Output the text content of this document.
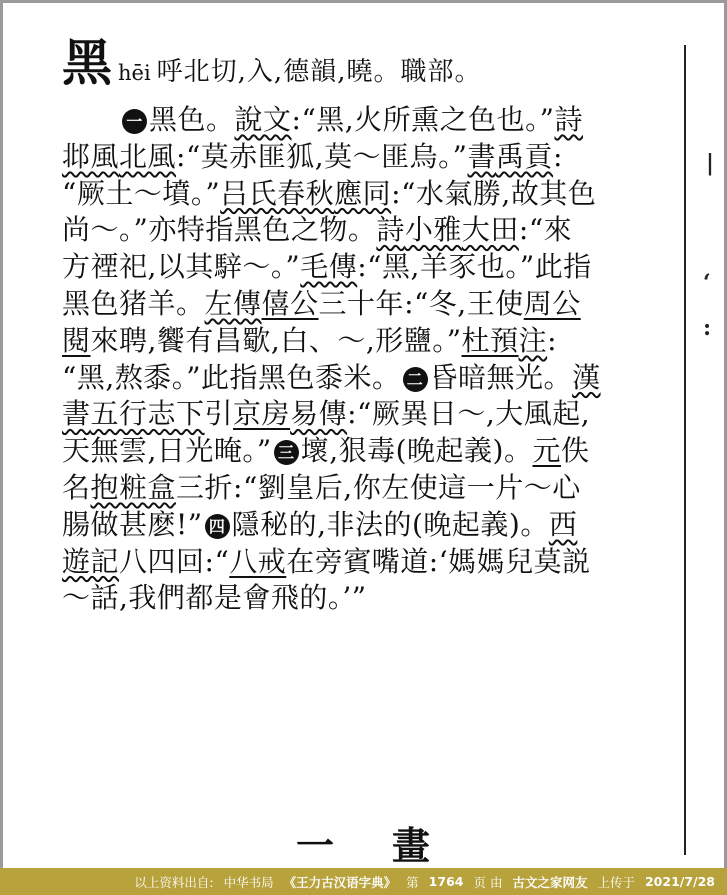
|
‘
:
黑 hēi 呼北切,入,德韻,曉。職部。
一 黑色。說文:“黑,火所熏之色也。”詩
邶風北風:“莫赤匪狐,莫～匪烏。”書禹貢:
“厥土～墳。”吕氏春秋應同:“水氣勝,故其色
尚～。”亦特指黑色之物。詩小雅大田:“來
方禋祀,以其騂～。”毛傳:“黑,羊豕也。”此指
黑色猪羊。左傳僖公三十年:“冬,王使周公
閱來聘,饗有昌歜,白、～,形鹽。”杜預注:
“黑,熬黍。”此指黑色黍米。 二 昏暗無光。漢
書五行志下引京房易傳:“厥異日～,大風起,
天無雲,日光晻。” 三 壞,狠毒(晚起義)。元佚
名抱粧盒三折:“劉皇后,你左使這一片～心
腸做甚麽!” 四 隱秘的,非法的(晚起義)。西
遊記八四回:“八戒在旁賓嘴道:‘媽媽兒莫説
～話,我們都是會飛的。’”
一畫
以上资料出自: 中华书局 《王力古汉语字典》 第 1764 页 由 古文之家网友 上传于 2021/7/28
